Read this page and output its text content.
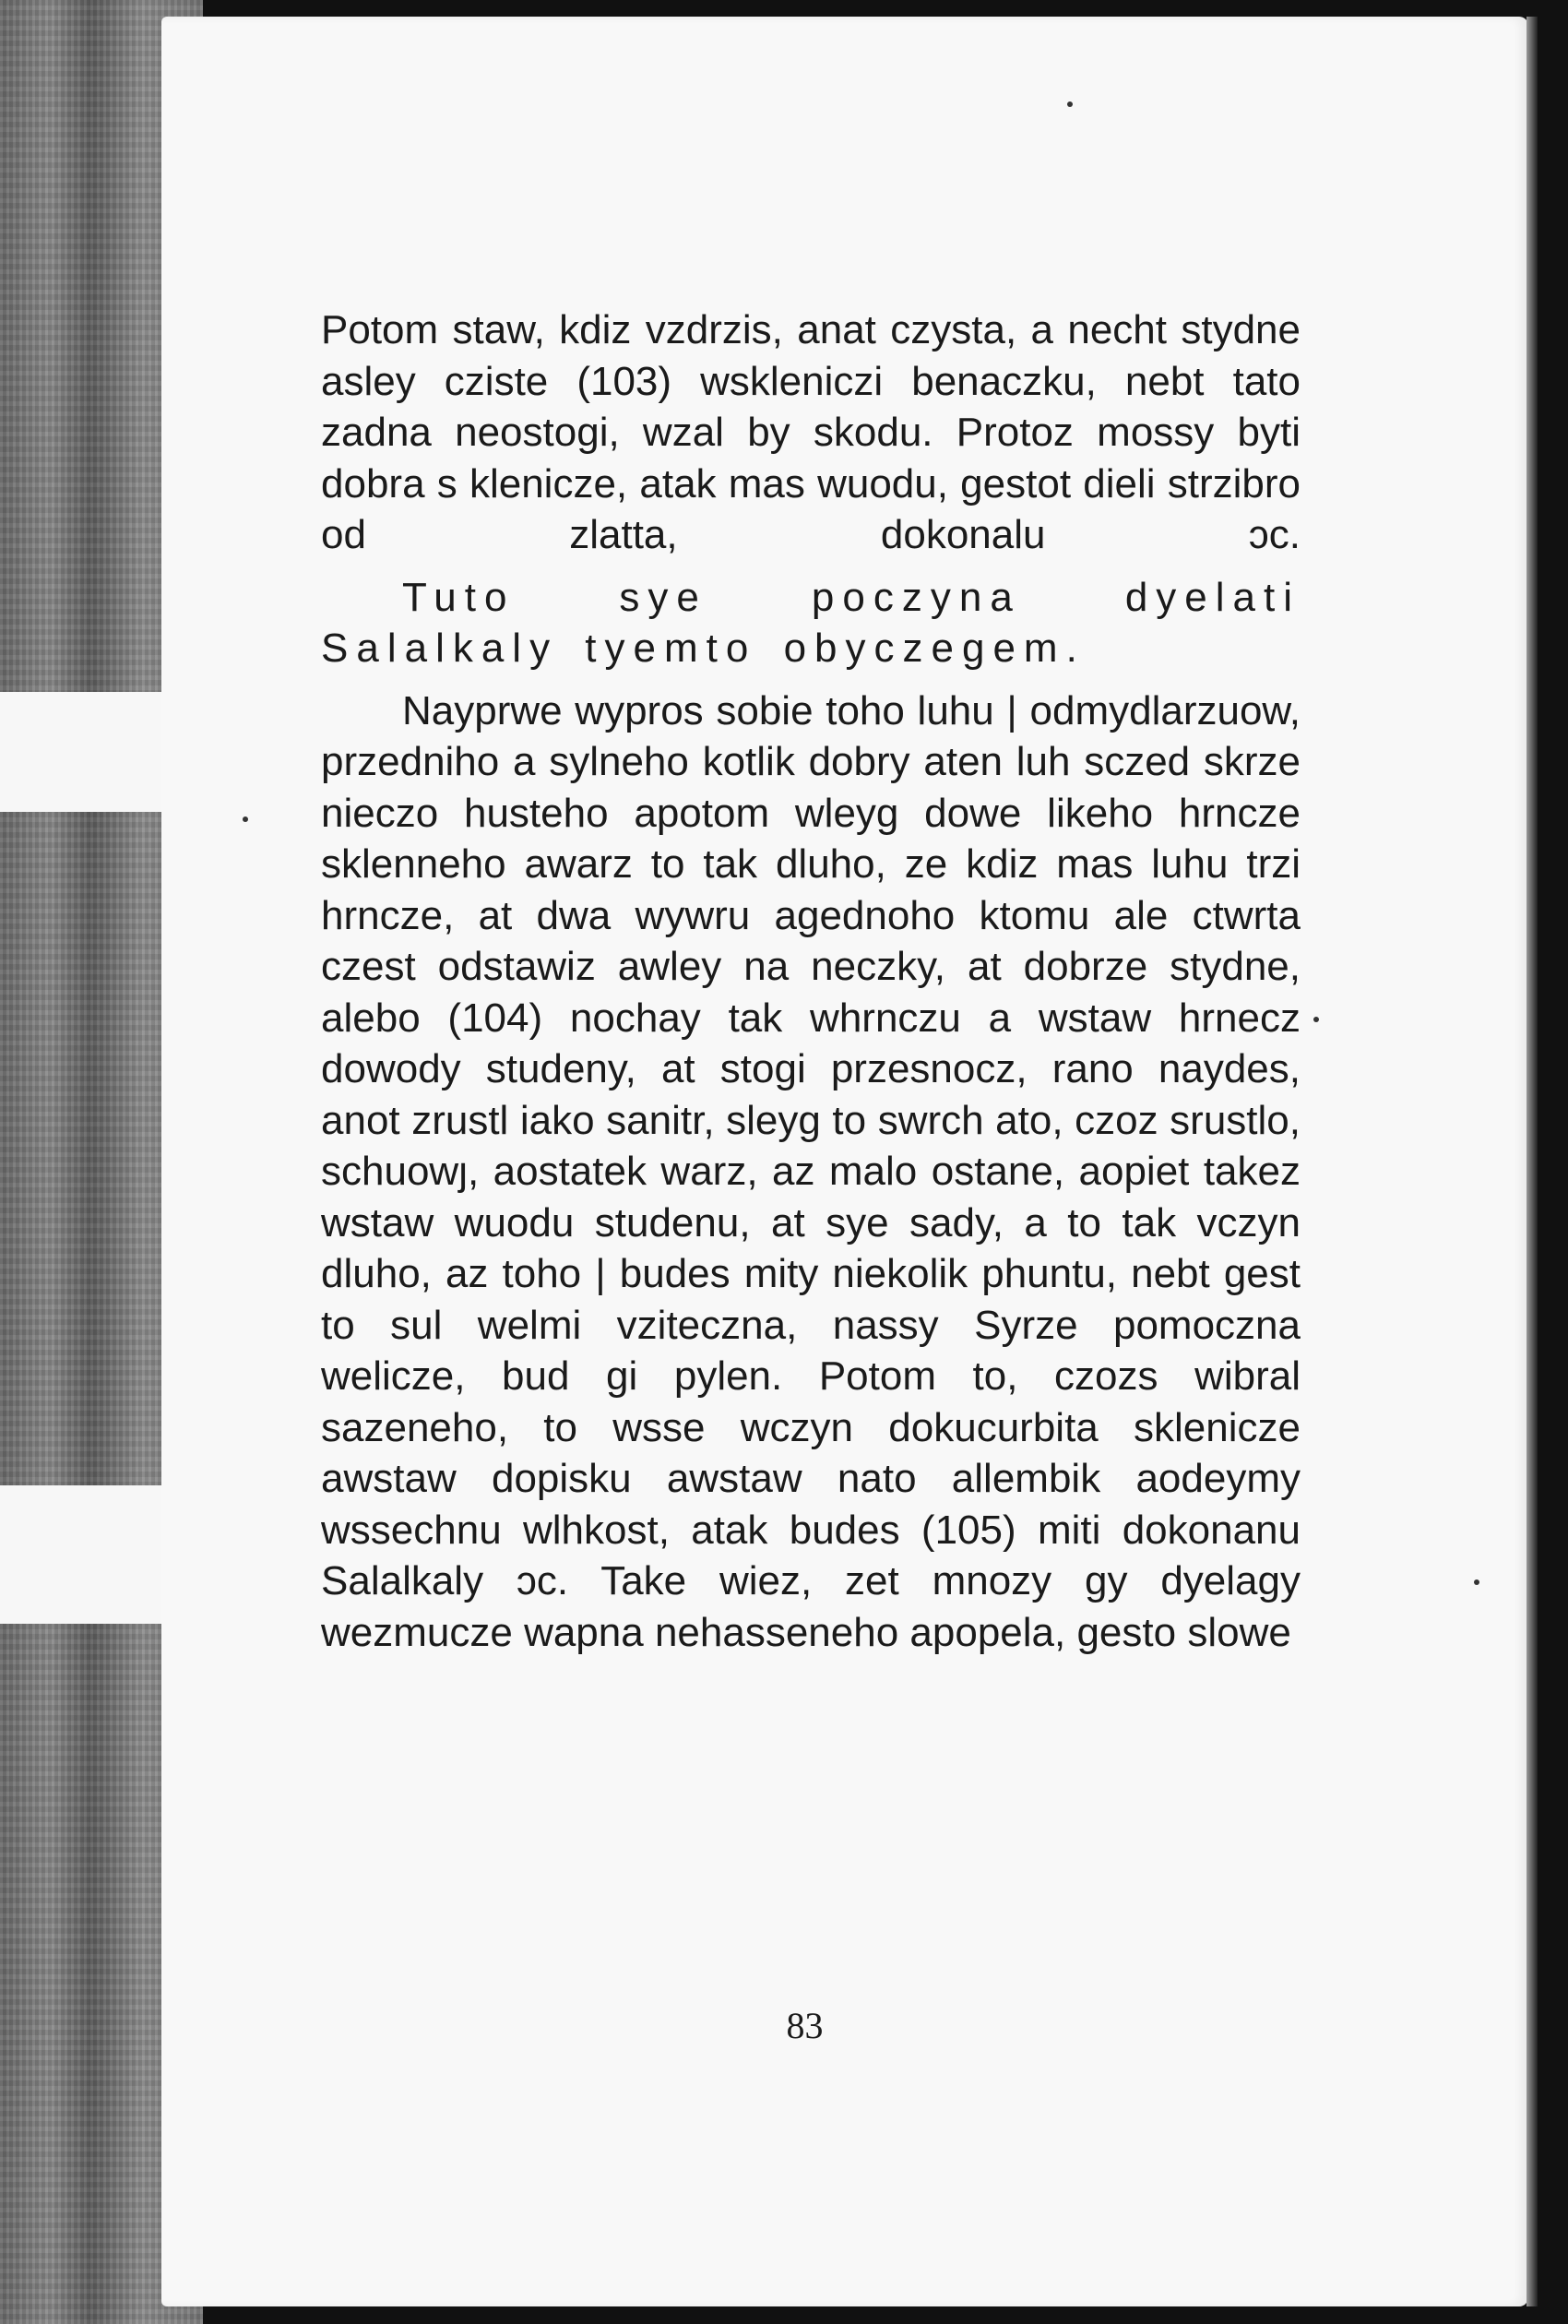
Potom staw, kdiz vzdrzis, anat czysta, a necht stydne asley cziste (103) wskleniczi benaczku, nebt tato zadna neostogi, wzal by skodu. Protoz mossy byti dobra s klenicze, atak mas wuodu, gestot dieli strzibro od zlatta, dokonalu ɔc.

Tuto sye poczyna dyelati Salalkaly tyemto obyczegem.

Nayprwe wypros sobie toho luhu | odmydlarzuow, przedniho a sylneho kotlik dobry aten luh sczed skrze nieczo husteho apotom wleyg dowe likeho hrncze sklenneho awarz to tak dluho, ze kdiz mas luhu trzi hrncze, at dwa wywru agednoho ktomu ale ctwrta czest odstawiz awley na neczky, at dobrze stydne, alebo (104) nochay tak whrnczu a wstaw hrnecz dowody studeny, at stogi przesnocz, rano naydes, anot zrustl iako sanitr, sleyg to swrch ato, czoz srustlo, schuowȷ, aostatek warz, az malo ostane, aopiet takez wstaw wuodu studenu, at sye sady, a to tak vczyn dluho, az toho | budes mity niekolik phuntu, nebt gest to sul welmi vziteczna, nassy Syrze pomoczna welicze, bud gi pylen. Potom to, czozs wibral sazeneho, to wsse wczyn dokucurbita sklenicze awstaw dopisku awstaw nato allembik aodeymy wssechnu wlhkost, atak budes (105) miti dokonanu Salalkaly ɔc. Take wiez, zet mnozy gy dyelagy wezmucze wapna nehasseneho apopela, gesto slowe

83
